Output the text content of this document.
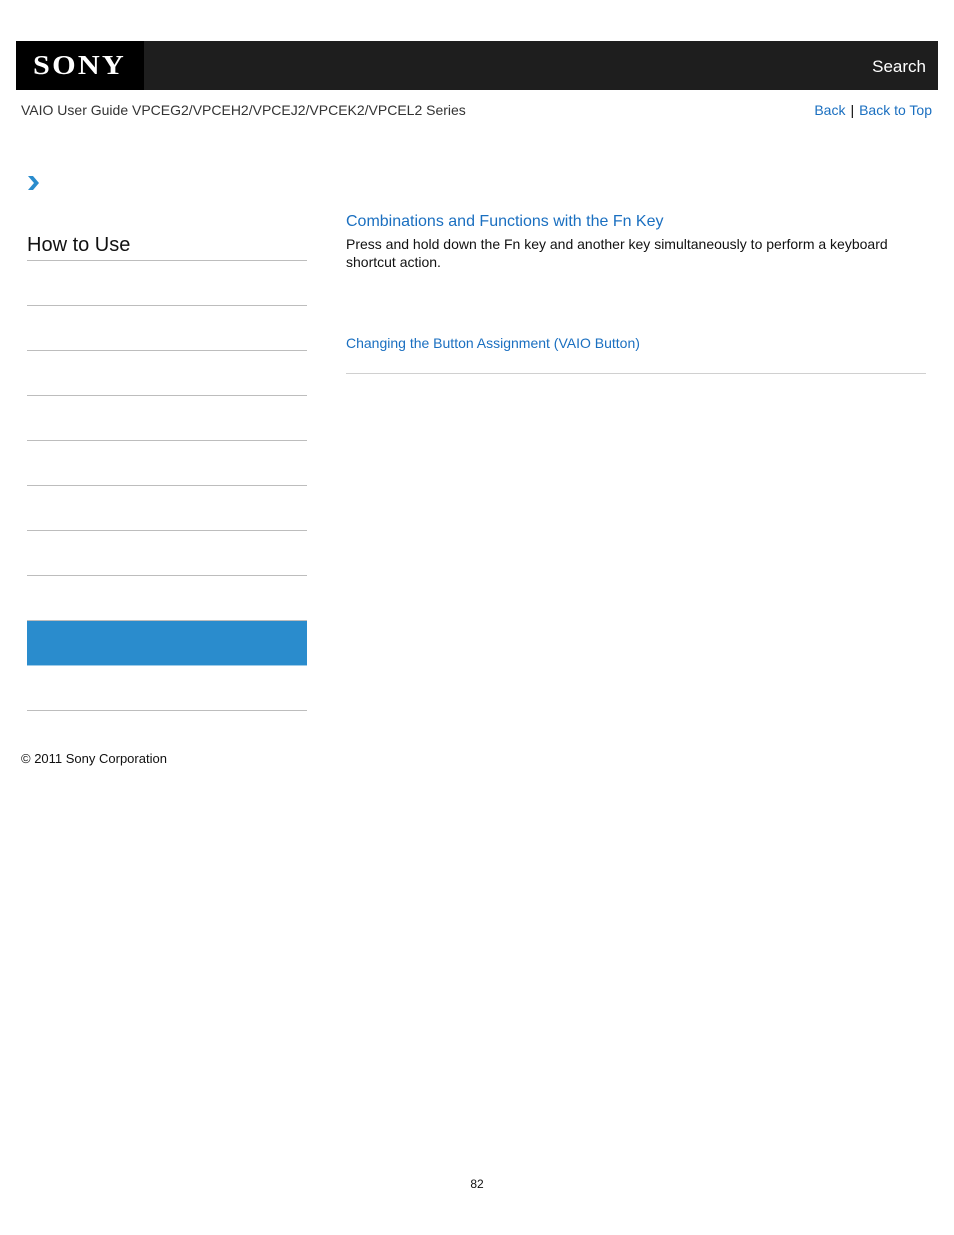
SONY	Search
VAIO User Guide VPCEG2/VPCEH2/VPCEJ2/VPCEK2/VPCEL2 Series	Back | Back to Top
How to Use
Combinations and Functions with the Fn Key
Press and hold down the Fn key and another key simultaneously to perform a keyboard shortcut action.
Changing the Button Assignment (VAIO Button)
© 2011 Sony Corporation
82
